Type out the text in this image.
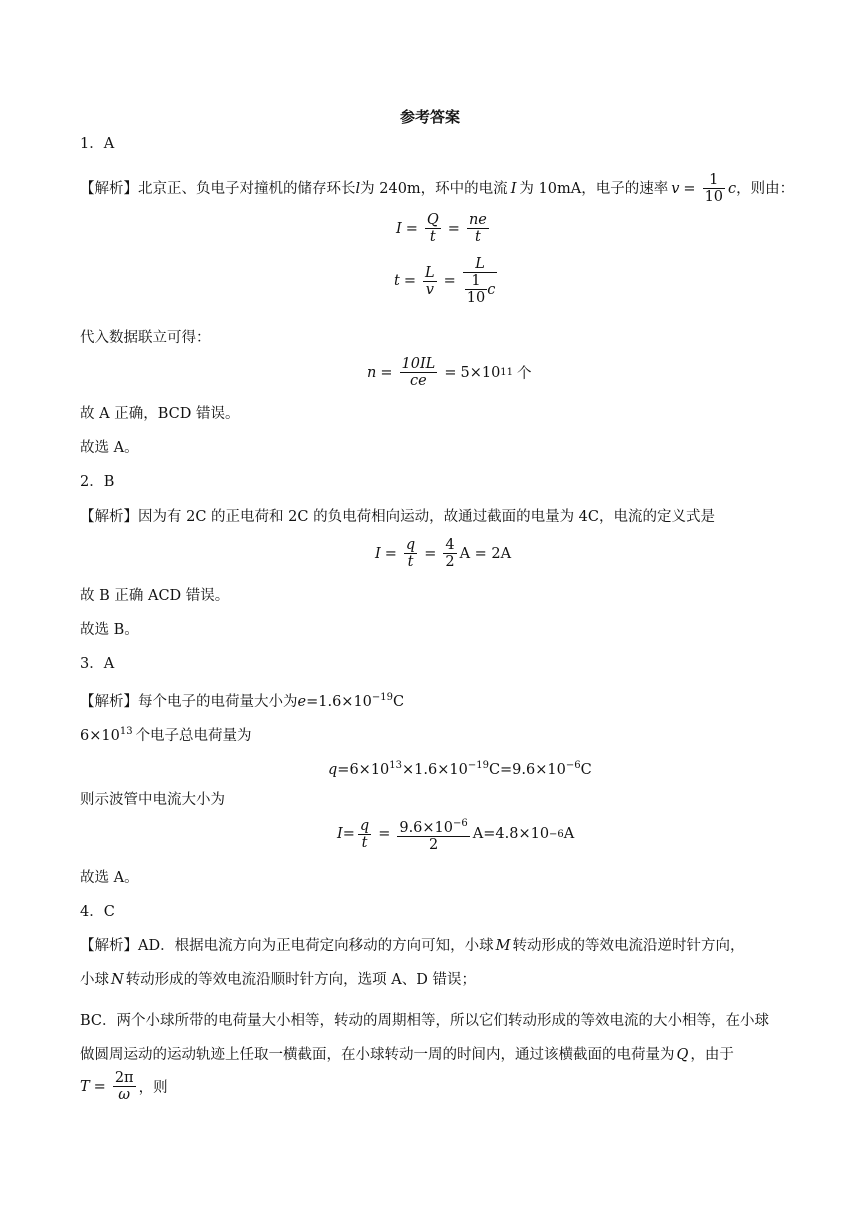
参考答案
1．A
【解析】北京正、负电子对撞机的储存环长 l 为 240m，环中的电流 I 为 10mA，电子的速率 $v = \frac{1}{10}$ c ，则由：
$I = \frac{Q}{t} = \frac{ne}{t}$
$t = \frac{L}{v} = \frac{L}{\frac{1}{10} c}$
代入数据联立可得：
$n = \frac{10IL}{ce} = 5\times 10$ 11 个
故 A 正确，BCD 错误。
故选 A。
2．B
【解析】因为有 2C 的正电荷和 2C 的负电荷相向运动，故通过截面的电量为 4C，电流的定义式是
$I = \frac{q}{t} = \frac{4}{2}$ A = 2A
故 B 正确 ACD 错误。
故选 B。
3．A
【解析】每个电子的电荷量大小为$e=1.6\times 10^{-19}C$
$6\times 10^{13}$ 个电子总电荷量为
$q=6\times 10^{13}\times 1.6\times 10^{-19}C=9.6\times 10^{-6}C$
则示波管中电流大小为
$I = \frac{q}{t} = \frac{9.6\times 10^{-6}}{2} A=4.8\times 10 -6$ A
故选 A。
4．C
【解析】AD．根据电流方向为正电荷定向移动的方向可知，小球 M 转动形成的等效电流沿逆时针方向，
小球 N 转动形成的等效电流沿顺时针方向，选项 A、D 错误；
BC．两个小球所带的电荷量大小相等，转动的周期相等，所以它们转动形成的等效电流的大小相等，在小球做圆周运动的运动轨迹上任取一横截面，在小球转动一周的时间内，通过该横截面的电荷量为 Q ，由于
$T = \frac{2\pi}{\omega}$ ，则
